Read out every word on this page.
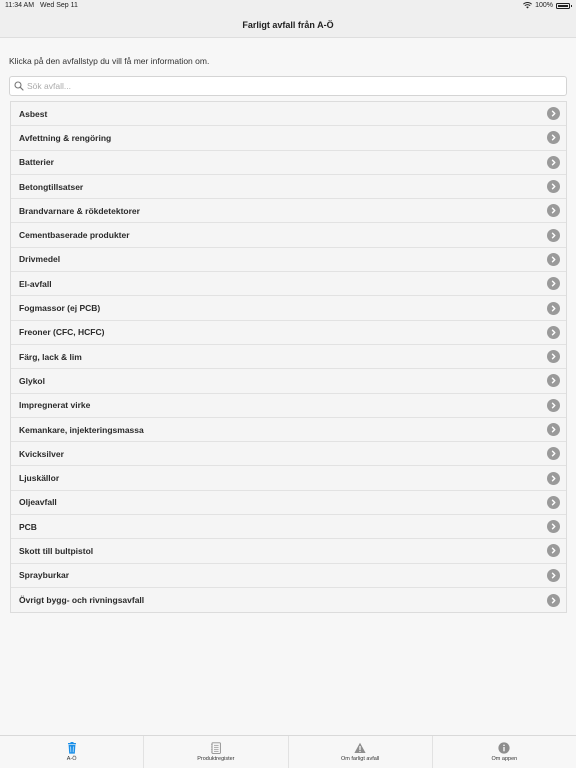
11:34 AM Wed Sep 11	100%
Farligt avfall från A-Ö
Klicka på den avfallstyp du vill få mer information om.
Sök avfall...
Asbest
Avfettning & rengöring
Batterier
Betongtillsatser
Brandvarnare & rökdetektorer
Cementbaserade produkter
Drivmedel
El-avfall
Fogmassor (ej PCB)
Freoner (CFC, HCFC)
Färg, lack & lim
Glykol
Impregnerat virke
Kemankare, injekteringsmassa
Kvicksilver
Ljuskällor
Oljeavfall
PCB
Skott till bultpistol
Sprayburkar
Övrigt bygg- och rivningsavfall
A-Ö	Produktregister	Om farligt avfall	Om appen
